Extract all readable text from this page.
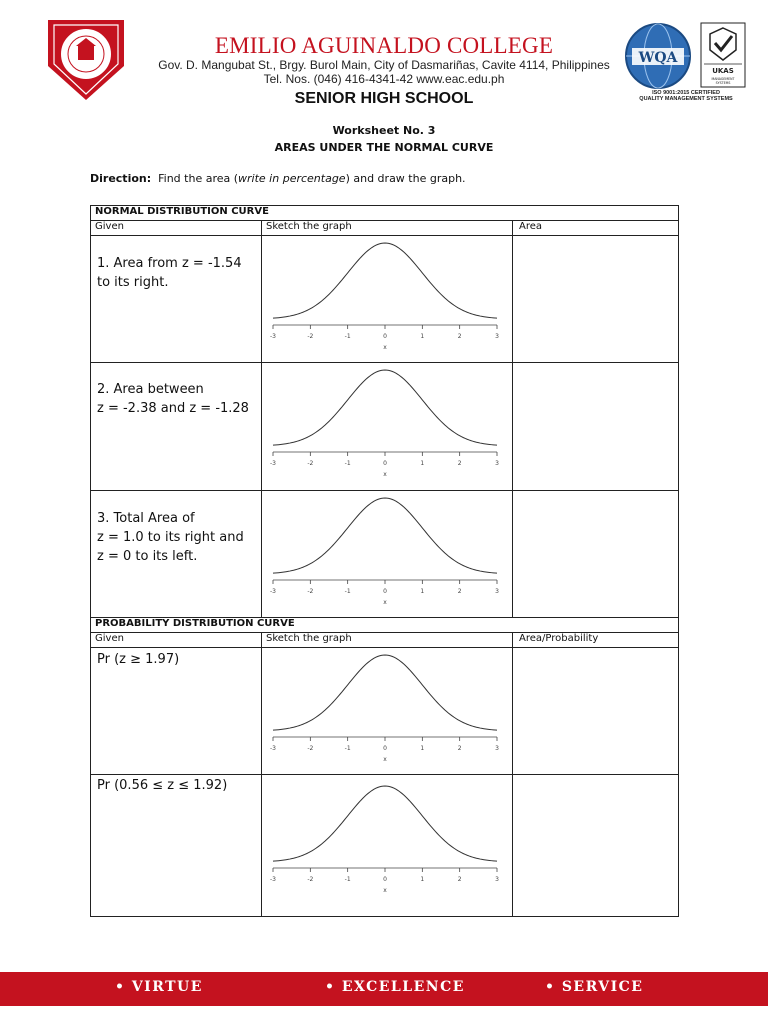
EMILIO AGUINALDO COLLEGE
Gov. D. Mangubat St., Brgy. Burol Main, City of Dasmariñas, Cavite 4114, Philippines
Tel. Nos. (046) 416-4341-42 www.eac.edu.ph
SENIOR HIGH SCHOOL
WQA
UKAS
MANAGEMENT
SYSTEMS
ISO 9001:2015 CERTIFIED
QUALITY MANAGEMENT SYSTEMS
Worksheet No. 3
AREAS UNDER THE NORMAL CURVE
Direction: Find the area (write in percentage) and draw the graph.
NORMAL DISTRIBUTION CURVE
Given	Sketch the graph	Area
1. Area from z = -1.54
to its right.
-3	-2	-1	0	1	2	3
x
2. Area between
z = -2.38 and z = -1.28
-3	-2	-1	0	1	2	3
x
3. Total Area of
z = 1.0 to its right and
z = 0 to its left.
-3	-2	-1	0	1	2	3
x
PROBABILITY DISTRIBUTION CURVE
Given	Sketch the graph	Area/Probability
Pr (z ≥ 1.97)
-3	-2	-1	0	1	2	3
x
Pr (0.56 ≤ z ≤ 1.92)
-3	-2	-1	0	1	2	3
x
• VIRTUE	• EXCELLENCE	• SERVICE
